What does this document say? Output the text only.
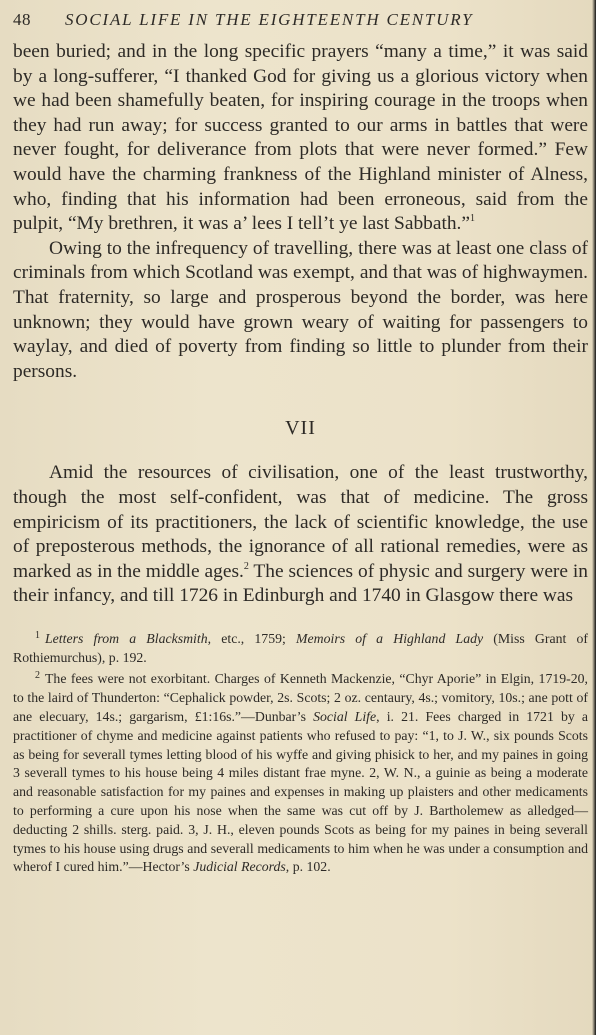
48	SOCIAL LIFE IN THE EIGHTEENTH CENTURY

been buried; and in the long specific prayers “many a time,” it was said by a long-sufferer, “I thanked God for giving us a glorious victory when we had been shamefully beaten, for inspiring courage in the troops when they had run away; for success granted to our arms in battles that were never fought, for deliverance from plots that were never formed.” Few would have the charming frankness of the Highland minister of Alness, who, finding that his information had been erroneous, said from the pulpit, “My brethren, it was a’ lees I tell’t ye last Sabbath.”$^1$

Owing to the infrequency of travelling, there was at least one class of criminals from which Scotland was exempt, and that was of highwaymen. That fraternity, so large and prosperous beyond the border, was here unknown; they would have grown weary of waiting for passengers to waylay, and died of poverty from finding so little to plunder from their persons.

VII

Amid the resources of civilisation, one of the least trustworthy, though the most self-confident, was that of medicine. The gross empiricism of its practitioners, the lack of scientific knowledge, the use of preposterous methods, the ignorance of all rational remedies, were as marked as in the middle ages.$^2$ The sciences of physic and surgery were in their infancy, and till 1726 in Edinburgh and 1740 in Glasgow there was

$^1$ Letters from a Blacksmith, etc., 1759; Memoirs of a Highland Lady (Miss Grant of Rothiemurchus), p. 192.

$^2$ The fees were not exorbitant. Charges of Kenneth Mackenzie, “Chyr Aporie” in Elgin, 1719-20, to the laird of Thunderton: “Cephalick powder, 2s. Scots; 2 oz. centaury, 4s.; vomitory, 10s.; ane pott of ane elecuary, 14s.; gargarism, £1:16s.”—Dunbar’s Social Life, i. 21. Fees charged in 1721 by a practitioner of chyme and medicine against patients who refused to pay: “1, to J. W., six pounds Scots as being for severall tymes letting blood of his wyffe and giving phisick to her, and my paines in going 3 severall tymes to his house being 4 miles distant frae myne. 2, W. N., a guinie as being a moderate and reasonable satisfaction for my paines and expenses in making up plaisters and other medicaments to performing a cure upon his nose when the same was cut off by J. Bartholemew as alledged—deducting 2 shills. sterg. paid. 3, J. H., eleven pounds Scots as being for my paines in being severall tymes to his house using drugs and severall medicaments to him when he was under a consumption and wherof I cured him.”—Hector’s Judicial Records, p. 102.
